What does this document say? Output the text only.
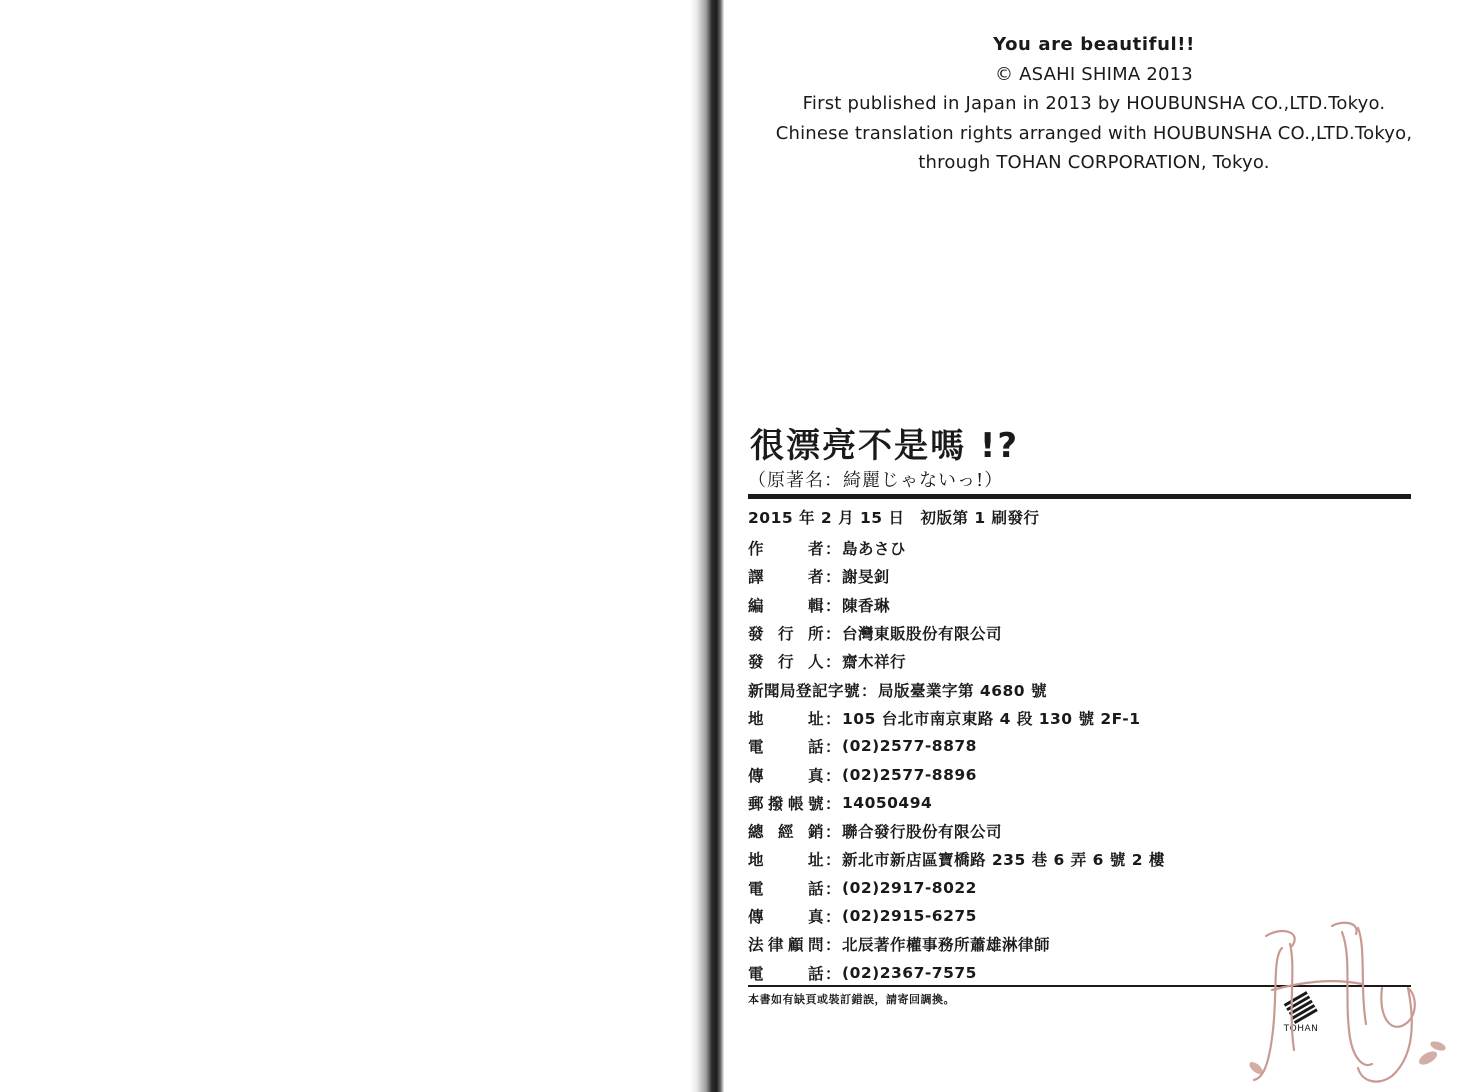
You are beautiful!!
© ASAHI SHIMA 2013
First published in Japan in 2013 by HOUBUNSHA CO.,LTD.Tokyo.
Chinese translation rights arranged with HOUBUNSHA CO.,LTD.Tokyo,
through TOHAN CORPORATION, Tokyo.
很漂亮不是嗎 !?
（原著名：綺麗じゃないっ!）
2015 年 2 月 15 日　初版第 1 刷發行
作　者 ： 島あさひ
譯　者 ： 謝旻釗
編　輯 ： 陳香琳
發行所 ： 台灣東販股份有限公司
發行人 ： 齋木祥行
新聞局登記字號 ： 局版臺業字第 4680 號
地　址 ： 105 台北市南京東路 4 段 130 號 2F-1
電　話 ： (02)2577-8878
傳　真 ： (02)2577-8896
郵撥帳號 ： 14050494
總經銷 ： 聯合發行股份有限公司
地　址 ： 新北市新店區寶橋路 235 巷 6 弄 6 號 2 樓
電　話 ： (02)2917-8022
傳　真 ： (02)2915-6275
法律顧問 ： 北辰著作權事務所蕭雄淋律師
電　話 ： (02)2367-7575
本書如有缺頁或裝訂錯誤，請寄回調換。
TOHAN
